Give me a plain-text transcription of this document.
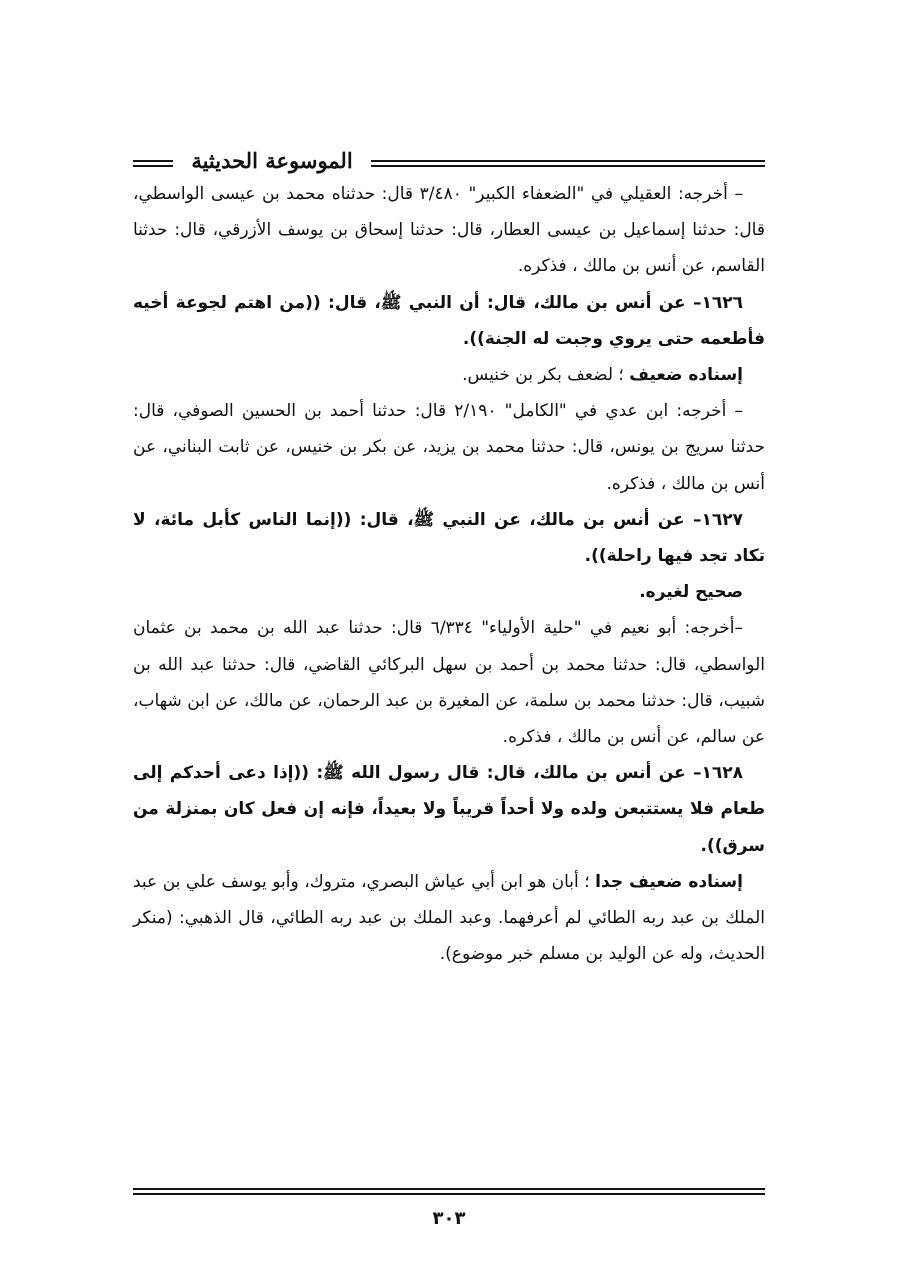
الموسوعة الحديثية

– أخرجه: العقيلي في "الضعفاء الكبير" ٣/٤٨٠ قال: حدثناه محمد بن عيسى الواسطي، قال: حدثنا إسماعيل بن عيسى العطار، قال: حدثنا إسحاق بن يوسف الأزرقي، قال: حدثنا القاسم، عن أنس بن مالك ، فذكره.

١٦٢٦– عن أنس بن مالك، قال: أن النبي ﷺ، قال: ((من اهتم لجوعة أخيه فأطعمه حتى يروي وجبت له الجنة)).

إسناده ضعيف ؛ لضعف بكر بن خنيس.

– أخرجه: ابن عدي في "الكامل" ٢/١٩٠ قال: حدثنا أحمد بن الحسين الصوفي، قال: حدثنا سريج بن يونس، قال: حدثنا محمد بن يزيد، عن بكر بن خنيس، عن ثابت البناني، عن أنس بن مالك ، فذكره.

١٦٢٧– عن أنس بن مالك، عن النبي ﷺ، قال: ((إنما الناس كأبل مائة، لا تكاد تجد فيها راحلة)).

صحيح لغيره.

–أخرجه: أبو نعيم في "حلية الأولياء" ٦/٣٣٤ قال: حدثنا عبد الله بن محمد بن عثمان الواسطي، قال: حدثنا محمد بن أحمد بن سهل البركائي القاضي، قال: حدثنا عبد الله بن شبيب، قال: حدثنا محمد بن سلمة، عن المغيرة بن عبد الرحمان، عن مالك، عن ابن شهاب، عن سالم، عن أنس بن مالك ، فذكره.

١٦٢٨– عن أنس بن مالك، قال: قال رسول الله ﷺ: ((إذا دعى أحدكم إلى طعام فلا يستتبعن ولده ولا أحداً قريباً ولا بعيداً، فإنه إن فعل كان بمنزلة من سرق)).

إسناده ضعيف جدا ؛ أبان هو ابن أبي عياش البصري، متروك، وأبو يوسف علي بن عبد الملك بن عبد ربه الطائي لم أعرفهما. وعبد الملك بن عبد ربه الطائي، قال الذهبي: (منكر الحديث، وله عن الوليد بن مسلم خبر موضوع).

٣٠٣
